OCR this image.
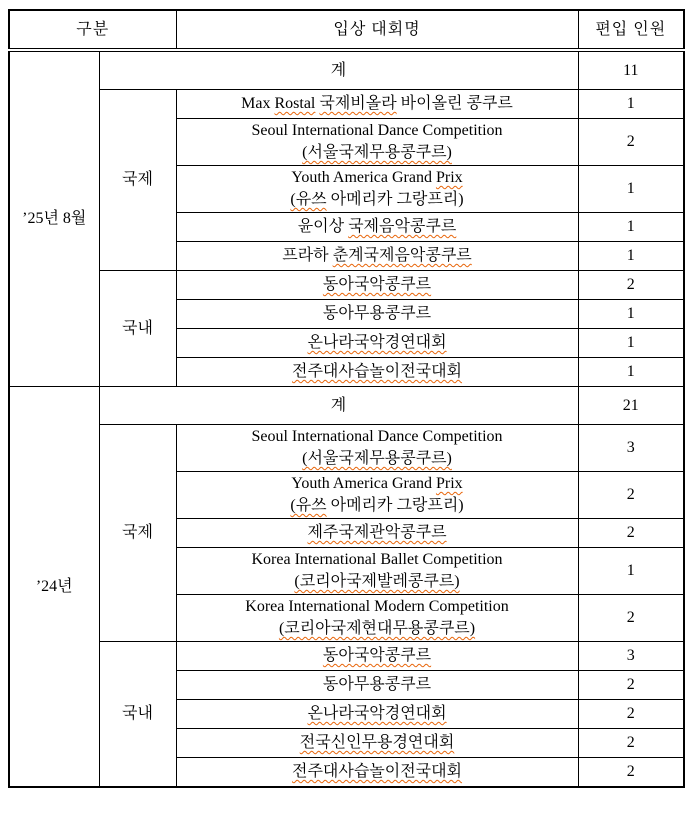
구분		입상 대회명	편입 인원
’25년 8월	계		11
	국제	Max Rostal 국제비올라 바이올린 콩쿠르	1

		Seoul International Dance Competition
(서울국제무용콩쿠르)	2

		Youth America Grand Prix
(유쓰 아메리카 그랑프리)	1

		윤이상 국제음악콩쿠르	1

		프라하 춘계국제음악콩쿠르	1
	국내	동아국악콩쿠르	2

		동아무용콩쿠르	1

		온나라국악경연대회	1

		전주대사습놀이전국대회	1
’24년	계		21
	국제	Seoul International Dance Competition
(서울국제무용콩쿠르)	3

		Youth America Grand Prix
(유쓰 아메리카 그랑프리)	2

		제주국제관악콩쿠르	2

		Korea International Ballet Competition
(코리아국제발레콩쿠르)	1

		Korea International Modern Competition
(코리아국제현대무용콩쿠르)	2
	국내	동아국악콩쿠르	3

		동아무용콩쿠르	2

		온나라국악경연대회	2

		전국신인무용경연대회	2

		전주대사습놀이전국대회	2
